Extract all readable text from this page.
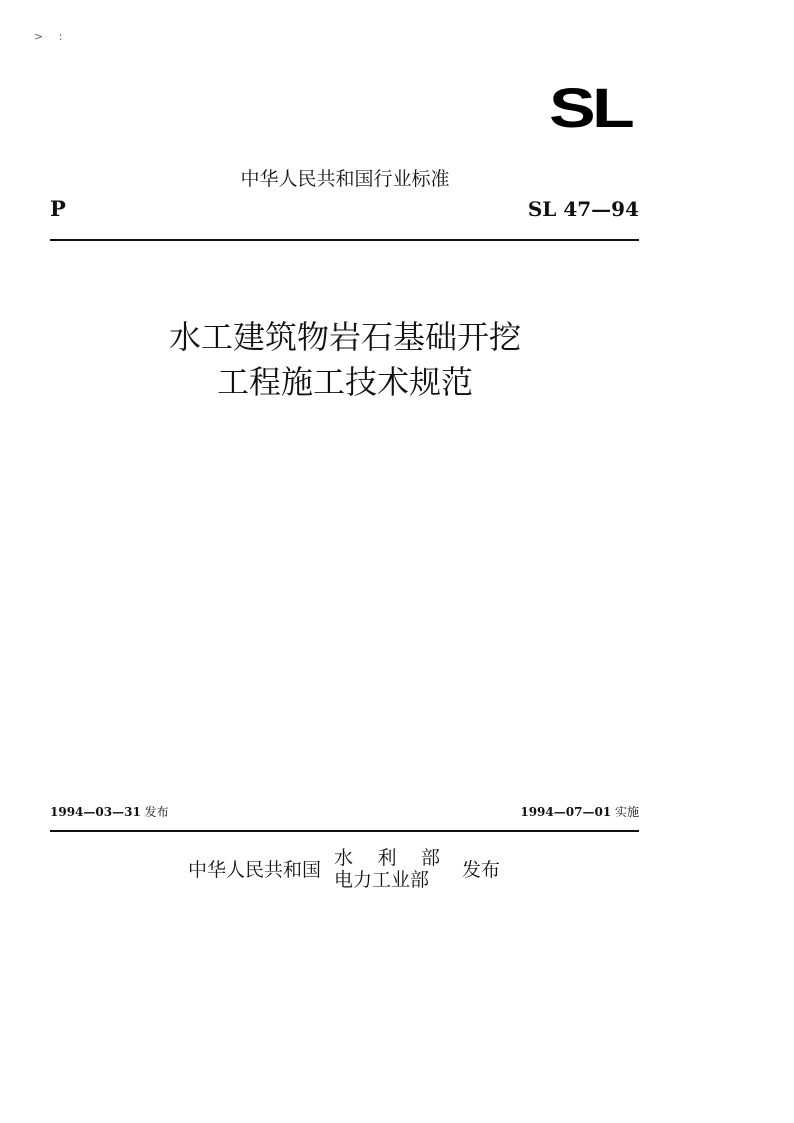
> :
SL
中华人民共和国行业标准
P	SL 47—94
水工建筑物岩石基础开挖
工程施工技术规范
1994—03—31 发布	1994—07—01 实施
中华人民共和国
水利部
电力工业部	发布
